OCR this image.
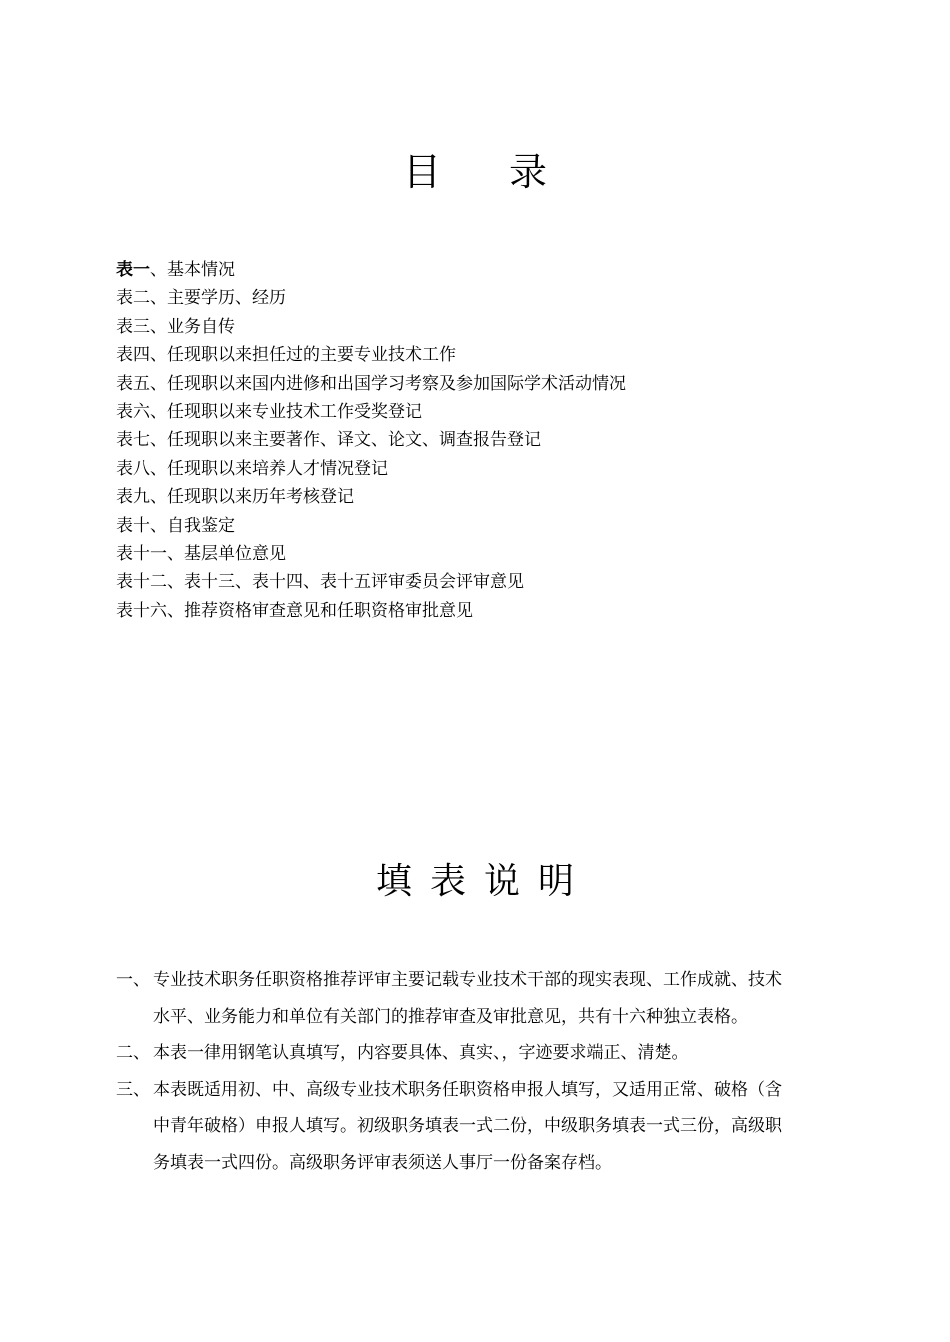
目 录
表一、基本情况
表二、主要学历、经历
表三、业务自传
表四、任现职以来担任过的主要专业技术工作
表五、任现职以来国内进修和出国学习考察及参加国际学术活动情况
表六、任现职以来专业技术工作受奖登记
表七、任现职以来主要著作、译文、论文、调查报告登记
表八、任现职以来培养人才情况登记
表九、任现职以来历年考核登记
表十、自我鉴定
表十一、基层单位意见
表十二、表十三、表十四、表十五评审委员会评审意见
表十六、推荐资格审查意见和任职资格审批意见
填表说明
一、 专业技术职务任职资格推荐评审主要记载专业技术干部的现实表现、工作成就、技术
水平、业务能力和单位有关部门的推荐审查及审批意见，共有十六种独立表格。
二、 本表一律用钢笔认真填写，内容要具体、真实、，字迹要求端正、清楚。
三、 本表既适用初、中、高级专业技术职务任职资格申报人填写，又适用正常、破格（含
中青年破格）申报人填写。初级职务填表一式二份，中级职务填表一式三份，高级职
务填表一式四份。高级职务评审表须送人事厅一份备案存档。
